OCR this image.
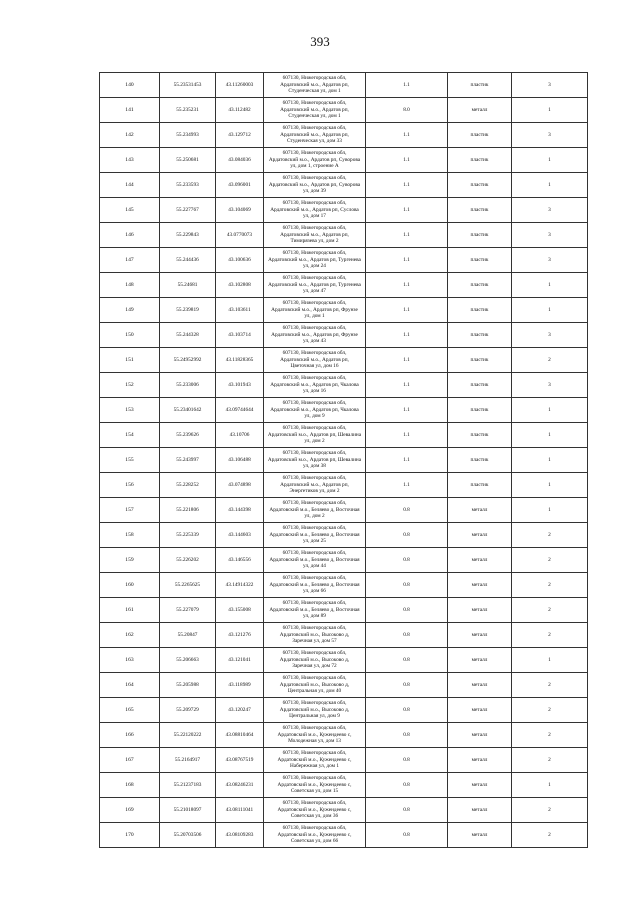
393
140	55.23531453	43.11260003	607130, Нижегородская обл,
Ардатовский м.о., Ардатов рп,
Студенческая ул, дом 1	1.1	пластик	3
141	55.235231	43.112482	607130, Нижегородская обл,
Ардатовский м.о., Ардатов рп,
Студенческая ул, дом 1	8.0	металл	1
142	55.234993	43.129712	607130, Нижегородская обл,
Ардатовский м.о., Ардатов рп,
Студенческая ул, дом 33	1.1	пластик	3
143	55.250681	43.084036	607130, Нижегородская обл,
Ардатовский м.о., Ардатов рп, Суворова
ул, дом 1, строение А	1.1	пластик	1
144	55.233593	43.096001	607130, Нижегородская обл,
Ардатовский м.о., Ардатов рп, Суворова
ул, дом 39	1.1	пластик	1
145	55.227767	43.104069	607130, Нижегородская обл,
Ардатовский м.о., Ардатов рп, Суслова
ул, дом 17	1.1	пластик	3
146	55.229843	43.0770073	607130, Нижегородская обл,
Ардатовский м.о., Ардатов рп,
Тимирязева ул, дом 2	1.1	пластик	3
147	55.244436	43.100636	607130, Нижегородская обл,
Ардатовский м.о., Ардатов рп, Тургенева
ул, дом 24	1.1	пластик	3
148	55.24681	43.102808	607130, Нижегородская обл,
Ардатовский м.о., Ардатов рп, Тургенева
ул, дом 47	1.1	пластик	1
149	55.239819	43.103611	607130, Нижегородская обл,
Ардатовский м.о., Ардатов рп, Фрунзе
ул, дом 1	1.1	пластик	1
150	55.244328	43.103714	607130, Нижегородская обл,
Ардатовский м.о., Ардатов рп, Фрунзе
ул, дом 43	1.1	пластик	3
151	55.24952992	43.11828365	607130, Нижегородская обл,
Ардатовский м.о., Ардатов рп,
Цветочная ул, дом 16	1.1	пластик	2
152	55.233006	43.101943	607130, Нижегородская обл,
Ардатовский м.о., Ардатов рп, Чкалова
ул, дом 16	1.1	пластик	3
153	55.23401642	43.09744644	607130, Нижегородская обл,
Ардатовский м.о., Ардатов рп, Чкалова
ул, дом 9	1.1	пластик	1
154	55.239626	43.10706	607130, Нижегородская обл,
Ардатовский м.о., Ардатов рп, Шевалина
ул, дом 2	1.1	пластик	1
155	55.243997	43.106488	607130, Нижегородская обл,
Ардатовский м.о., Ардатов рп, Шевалина
ул, дом 38	1.1	пластик	1
156	55.228252	43.074898	607130, Нижегородская обл,
Ардатовский м.о., Ардатов рп,
Энергетиков ул, дом 2	1.1	пластик	1
157	55.221806	43.144398	607130, Нижегородская обл,
Ардатовский м.о., Беляево д, Восточная
ул, дом 2	0.8	металл	1
158	55.225339	43.144603	607130, Нижегородская обл,
Ардатовский м.о., Беляево д, Восточная
ул, дом 25	0.8	металл	2
159	55.226202	43.146556	607130, Нижегородская обл,
Ардатовский м.о., Беляево д, Восточная
ул, дом 44	0.8	металл	2
160	55.2265625	43.14914322	607130, Нижегородская обл,
Ардатовский м.о., Беляево д, Восточная
ул, дом 66	0.8	металл	2
161	55.227079	43.155008	607130, Нижегородская обл,
Ардатовский м.о., Беляево д, Восточная
ул, дом 89	0.8	металл	2
162	55.20847	43.121276	607130, Нижегородская обл,
Ардатовский м.о., Высоково д,
Заречная ул, дом 57	0.8	металл	2
163	55.206663	43.121041	607130, Нижегородская обл,
Ардатовский м.о., Высоково д,
Заречная ул, дом 72	0.8	металл	1
164	55.205988	43.118989	607130, Нижегородская обл,
Ардатовский м.о., Высоково д,
Центральная ул, дом 40	0.8	металл	2
165	55.209729	43.120247	607130, Нижегородская обл,
Ардатовский м.о., Высоково д,
Центральная ул, дом 9	0.8	металл	2
166	55.22120222	43.08810464	607130, Нижегородская обл,
Ардатовский м.о., Кужендеево с,
Молодежная ул, дом 13	0.8	металл	2
167	55.2164917	43.08767519	607130, Нижегородская обл,
Ардатовский м.о., Кужендеево с,
Набережная ул, дом 1	0.8	металл	2
168	55.21237183	43.08246231	607130, Нижегородская обл,
Ардатовский м.о., Кужендеево с,
Советская ул, дом 15	0.8	металл	1
169	55.21018097	43.08111041	607130, Нижегородская обл,
Ардатовский м.о., Кужендеево с,
Советская ул, дом 36	0.8	металл	2
170	55.20703506	43.08109283	607130, Нижегородская обл,
Ардатовский м.о., Кужендеево с,
Советская ул, дом 66	0.8	металл	2
